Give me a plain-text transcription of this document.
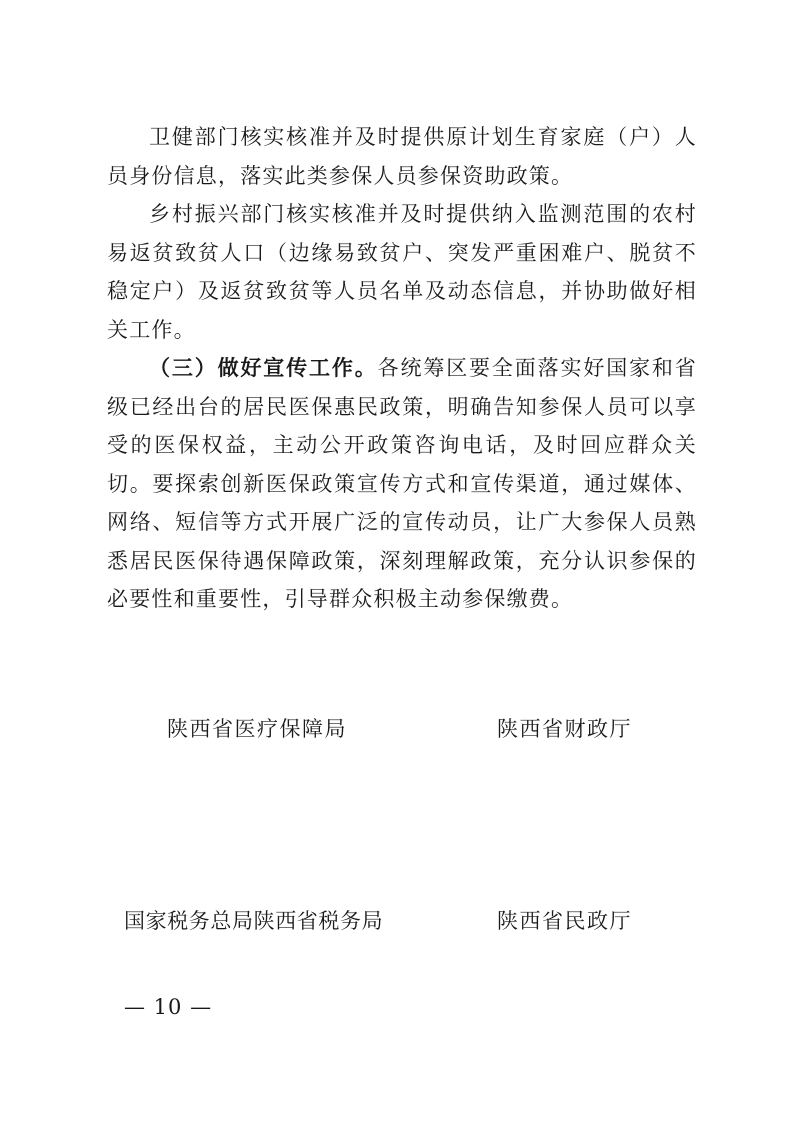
卫健部门核实核准并及时提供原计划生育家庭（户）人员身份信息，落实此类参保人员参保资助政策。

乡村振兴部门核实核准并及时提供纳入监测范围的农村易返贫致贫人口（边缘易致贫户、突发严重困难户、脱贫不稳定户）及返贫致贫等人员名单及动态信息，并协助做好相关工作。

（三）做好宣传工作。各统筹区要全面落实好国家和省级已经出台的居民医保惠民政策，明确告知参保人员可以享受的医保权益，主动公开政策咨询电话，及时回应群众关切。要探索创新医保政策宣传方式和宣传渠道，通过媒体、网络、短信等方式开展广泛的宣传动员，让广大参保人员熟悉居民医保待遇保障政策，深刻理解政策，充分认识参保的必要性和重要性，引导群众积极主动参保缴费。

陕西省医疗保障局	陕西省财政厅
国家税务总局陕西省税务局	陕西省民政厅
— 10 —
